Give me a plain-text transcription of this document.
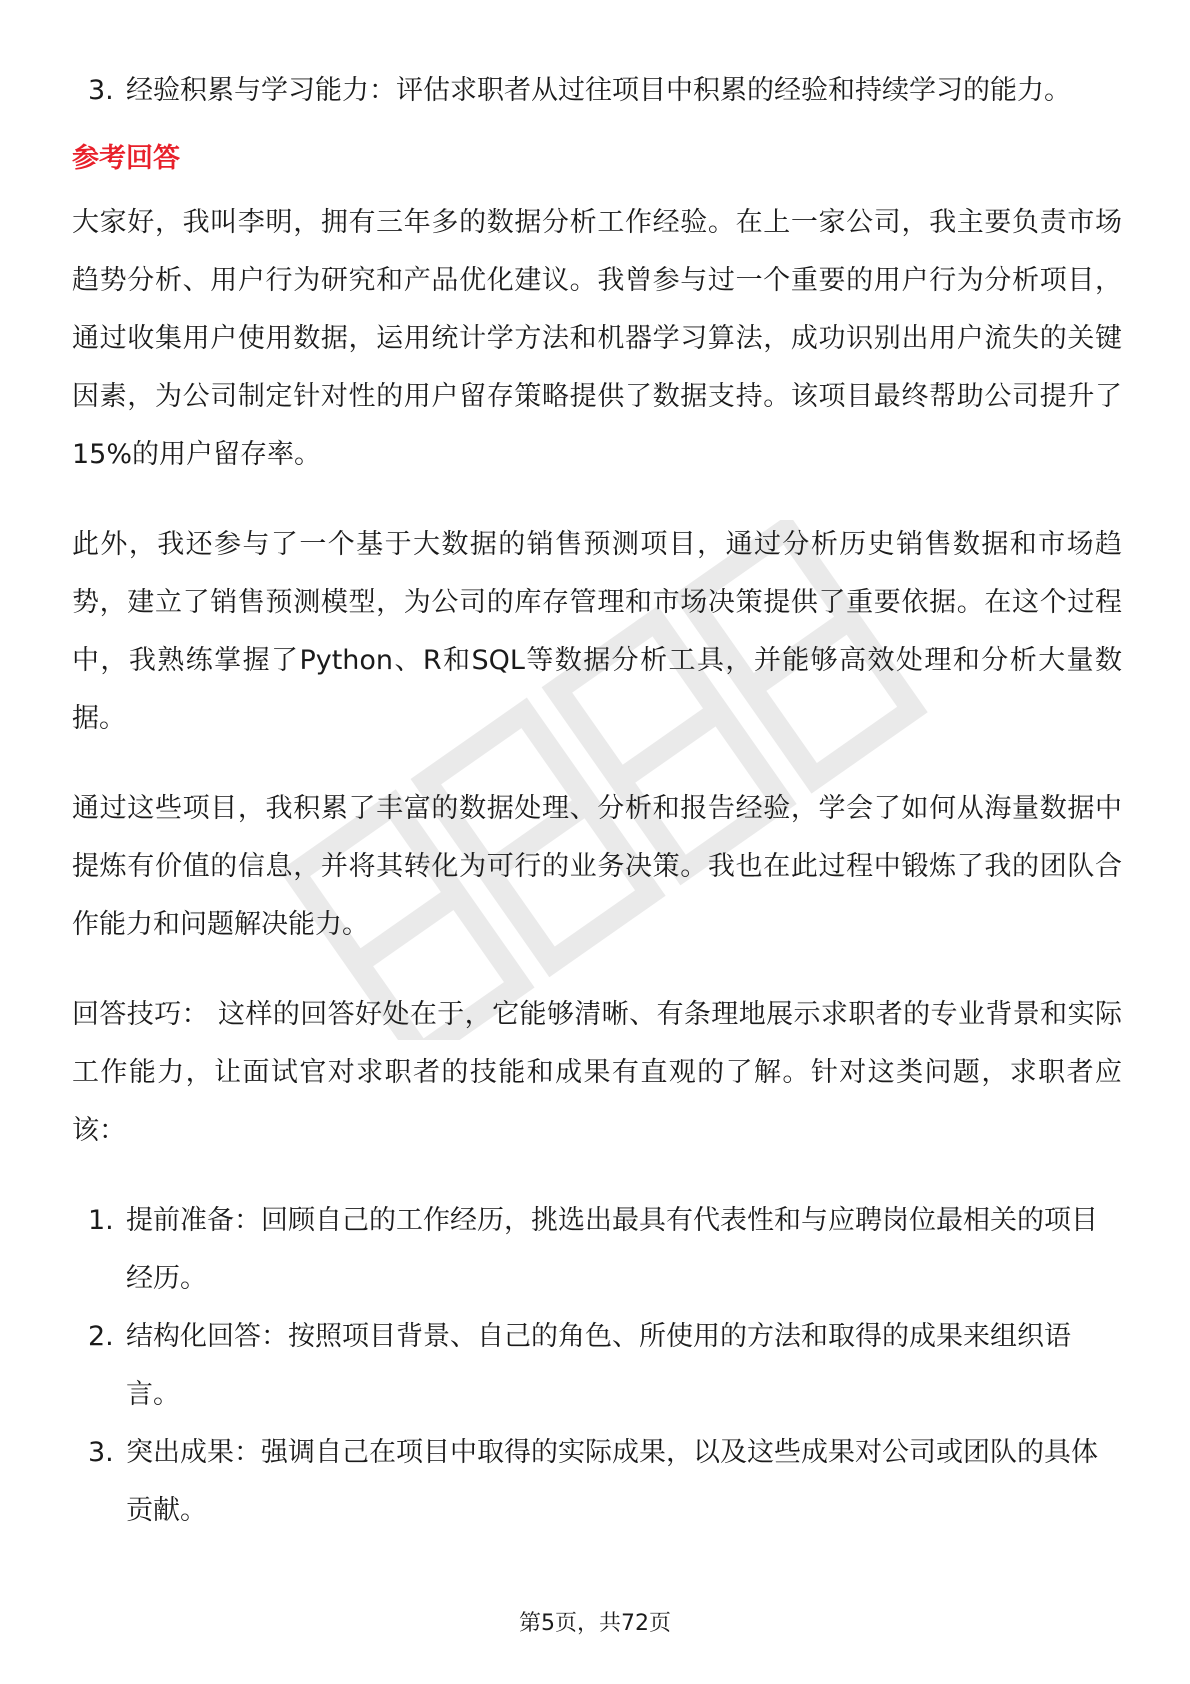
3. 经验积累与学习能力：评估求职者从过往项目中积累的经验和持续学习的能力。
参考回答

大家好，我叫李明，拥有三年多的数据分析工作经验。在上一家公司，我主要负责市场趋势分析、用户行为研究和产品优化建议。我曾参与过一个重要的用户行为分析项目，通过收集用户使用数据，运用统计学方法和机器学习算法，成功识别出用户流失的关键因素，为公司制定针对性的用户留存策略提供了数据支持。该项目最终帮助公司提升了15%的用户留存率。

此外，我还参与了一个基于大数据的销售预测项目，通过分析历史销售数据和市场趋势，建立了销售预测模型，为公司的库存管理和市场决策提供了重要依据。在这个过程中，我熟练掌握了Python、R和SQL等数据分析工具，并能够高效处理和分析大量数据。

通过这些项目，我积累了丰富的数据处理、分析和报告经验，学会了如何从海量数据中提炼有价值的信息，并将其转化为可行的业务决策。我也在此过程中锻炼了我的团队合作能力和问题解决能力。

回答技巧： 这样的回答好处在于，它能够清晰、有条理地展示求职者的专业背景和实际工作能力，让面试官对求职者的技能和成果有直观的了解。针对这类问题，求职者应该：

1. 提前准备：回顾自己的工作经历，挑选出最具有代表性和与应聘岗位最相关的项目经历。
2. 结构化回答：按照项目背景、自己的角色、所使用的方法和取得的成果来组织语言。
3. 突出成果：强调自己在项目中取得的实际成果，以及这些成果对公司或团队的具体贡献。
第5页，共72页
